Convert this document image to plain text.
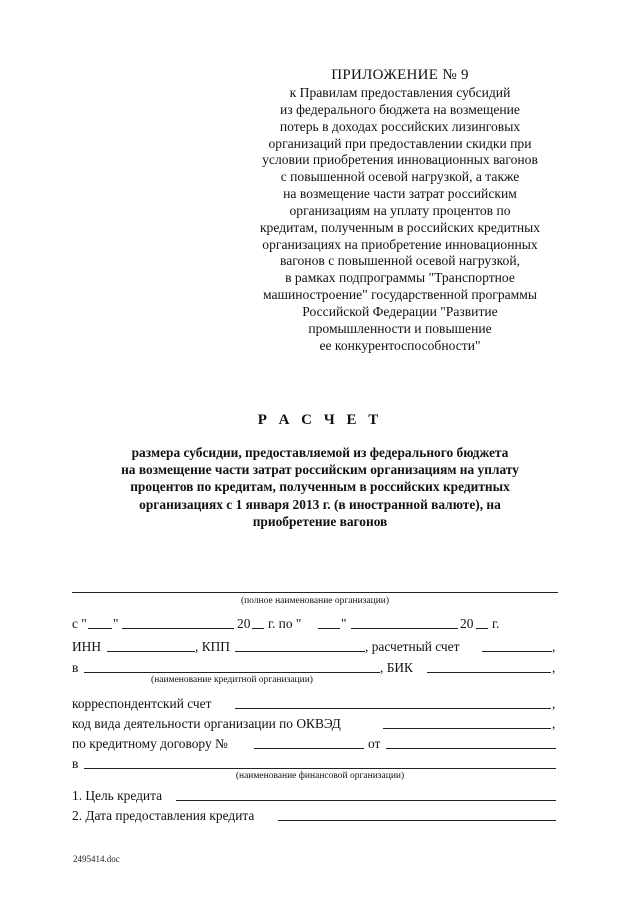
ПРИЛОЖЕНИЕ № 9
к Правилам предоставления субсидий
из федерального бюджета на возмещение
потерь в доходах российских лизинговых
организаций при предоставлении скидки при
условии приобретения инновационных вагонов
с повышенной осевой нагрузкой, а также
на возмещение части затрат российским
организациям на уплату процентов по
кредитам, полученным в российских кредитных
организациях на приобретение инновационных
вагонов с повышенной осевой нагрузкой,
в рамках подпрограммы "Транспортное
машиностроение" государственной программы
Российской Федерации "Развитие
промышленности и повышение
ее конкурентоспособности"
Р А С Ч Е Т
размера субсидии, предоставляемой из федерального бюджета
на возмещение части затрат российским организациям на уплату
процентов по кредитам, полученным в российских кредитных
организациях с 1 января 2013 г. (в иностранной валюте), на
приобретение вагонов
(полное наименование организации)
с " "	20 г. по "	"	20 г.
ИНН	, КПП	, расчетный счет	,
в	, БИК	,
(наименование кредитной организации)
корреспондентский счет	,
код вида деятельности организации по ОКВЭД	,
по кредитному договору №	от
в
(наименование финансовой организации)
1. Цель кредита
2. Дата предоставления кредита
2495414.doc
